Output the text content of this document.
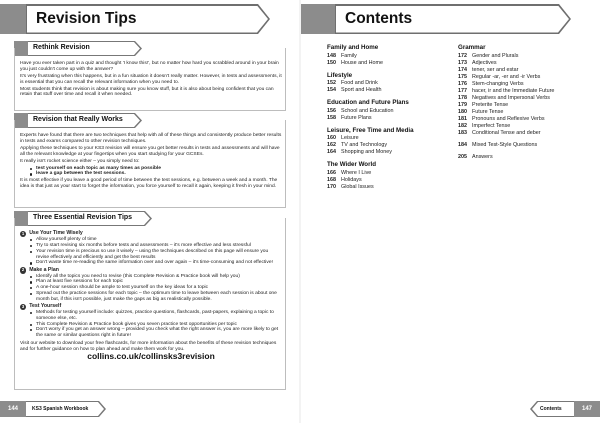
Revision Tips
Rethink Revision

Have you ever taken part in a quiz and thought 'I know this!', but no matter how hard you scrabbled around in your brain you just couldn't come up with the answer?

It's very frustrating when this happens, but in a fun situation it doesn't really matter. However, in tests and assessments, it is essential that you can recall the relevant information when you need to.

Most students think that revision is about making sure you know stuff, but it is also about being confident that you can retain that stuff over time and recall it when needed.

Revision that Really Works

Experts have found that there are two techniques that help with all of these things and consistently produce better results in tests and exams compared to other revision techniques.

Applying these techniques to your KS3 revision will ensure you get better results in tests and assessments and will have all the relevant knowledge at your fingertips when you start studying for your GCSEs.

It really isn't rocket science either – you simply need to:

test yourself on each topic as many times as possible
leave a gap between the test sessions.

It is most effective if you leave a good period of time between the test sessions, e.g. between a week and a month. The idea is that just as your start to forget the information, you force yourself to recall it again, keeping it fresh in your mind.

Three Essential Revision Tips
1 Use Your Time Wisely
Allow yourself plenty of time
Try to start revising six months before tests and assessments – it's more effective and less stressful
Your revision time is precious so use it wisely – using the techniques described on this page will ensure you revise effectively and efficiently and get the best results
Don't waste time re-reading the same information over and over again – it's time-consuming and not effective!
2 Make a Plan
Identify all the topics you need to revise (this Complete Revision & Practice book will help you)
Plan at least five sessions for each topic
A one-hour session should be ample to test yourself on the key ideas for a topic
Spread out the practice sessions for each topic – the optimum time to leave between each session is about one month but, if this isn't possible, just make the gaps as big as realistically possible.
3 Test Yourself
Methods for testing yourself include: quizzes, practice questions, flashcards, past-papers, explaining a topic to someone else, etc.
This Complete Revision & Practice book gives you seven practice test opportunities per topic
Don't worry if you get an answer wrong – provided you check what the right answer is, you are more likely to get the same or similar questions right in future!

Visit our website to download your free flashcards, for more information about the benefits of these revision techniques and for further guidance on how to plan ahead and make them work for you.

collins.co.uk/collinsks3revision
144	KS3 Spanish Workbook
Contents
Family and Home
148 Family
150 House and Home
Lifestyle
152 Food and Drink
154 Sport and Health
Education and Future Plans
156 School and Education
158 Future Plans
Leisure, Free Time and Media
160 Leisure
162 TV and Technology
164 Shopping and Money
The Wider World
166 Where I Live
168 Holidays
170 Global Issues
Grammar
172 Gender and Plurals
173 Adjectives
174 tener, ser and estar
175 Regular -ar, -er and -ir Verbs
176 Stem-changing Verbs
177 hacer, ir and the Immediate Future
178 Negatives and Impersonal Verbs
179 Preterite Tense
180 Future Tense
181 Pronouns and Reflexive Verbs
182 Imperfect Tense
183 Conditional Tense and deber
184 Mixed Test-Style Questions
205 Answers
Contents	147
